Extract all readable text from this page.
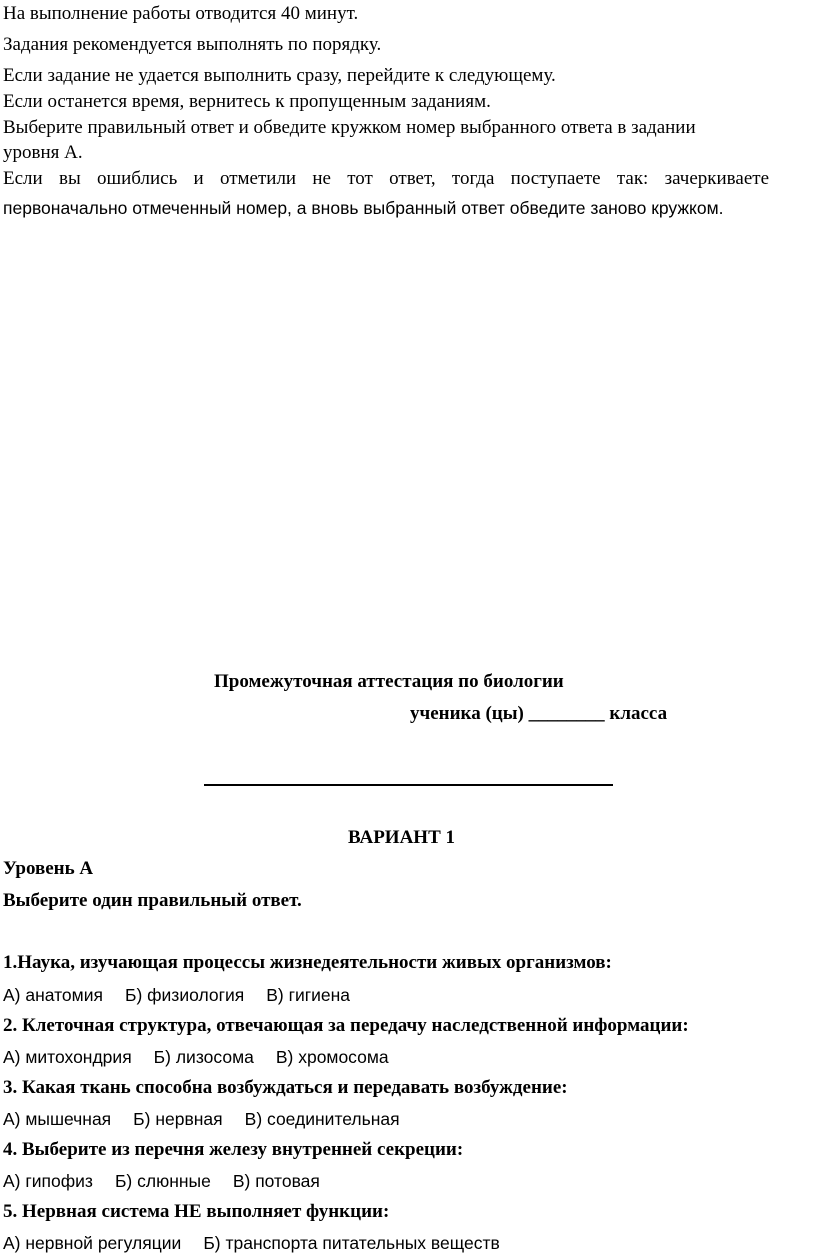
На выполнение работы отводится 40 минут.
Задания рекомендуется выполнять по порядку.
Если задание не удается выполнить сразу, перейдите к следующему.
Если останется время, вернитесь к пропущенным заданиям.
Выберите правильный ответ и обведите кружком номер выбранного ответа в задании
уровня А.
Если вы ошиблись и отметили не тот ответ, тогда поступаете так: зачеркиваете
первоначально отмеченный номер, а вновь выбранный ответ обведите заново кружком.
Промежуточная аттестация по биологии
ученика (цы) ________ класса
ВАРИАНТ 1
Уровень А
Выберите один правильный ответ.
1.Наука, изучающая процессы жизнедеятельности живых организмов:
А) анатомия Б) физиология В) гигиена
2. Клеточная структура, отвечающая за передачу наследственной информации:
А) митохондрия Б) лизосома В) хромосома
3. Какая ткань способна возбуждаться и передавать возбуждение:
А) мышечная Б) нервная В) соединительная
4. Выберите из перечня железу внутренней секреции:
А) гипофиз Б) слюнные В) потовая
5. Нервная система НЕ выполняет функции:
А) нервной регуляции Б) транспорта питательных веществ
